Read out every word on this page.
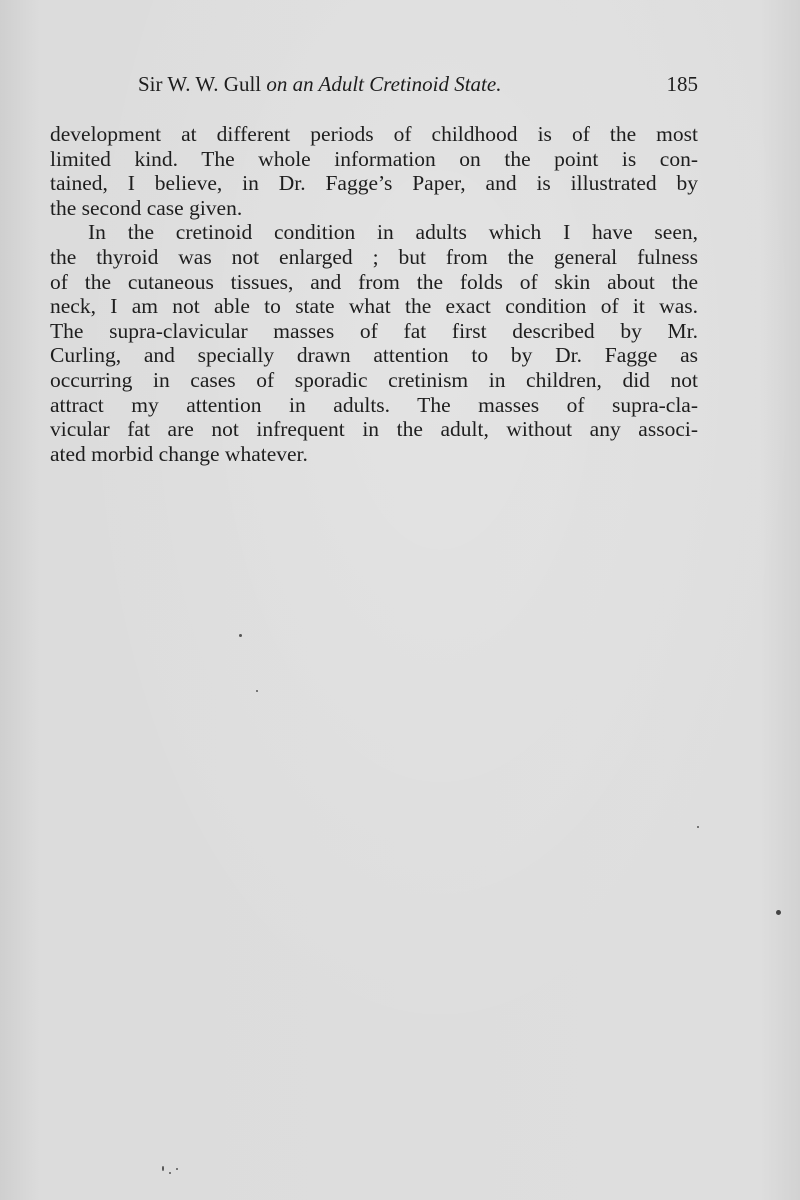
Sir W. W. Gull on an Adult Cretinoid State.	185

development at different periods of childhood is of the most

limited kind. The whole information on the point is con-

tained, I believe, in Dr. Fagge’s Paper, and is illustrated by

the second case given.

In the cretinoid condition in adults which I have seen,

the thyroid was not enlarged ; but from the general fulness

of the cutaneous tissues, and from the folds of skin about the

neck, I am not able to state what the exact condition of it was.

The supra-clavicular masses of fat first described by Mr.

Curling, and specially drawn attention to by Dr. Fagge as

occurring in cases of sporadic cretinism in children, did not

attract my attention in adults. The masses of supra-cla-

vicular fat are not infrequent in the adult, without any associ-

ated morbid change whatever.
